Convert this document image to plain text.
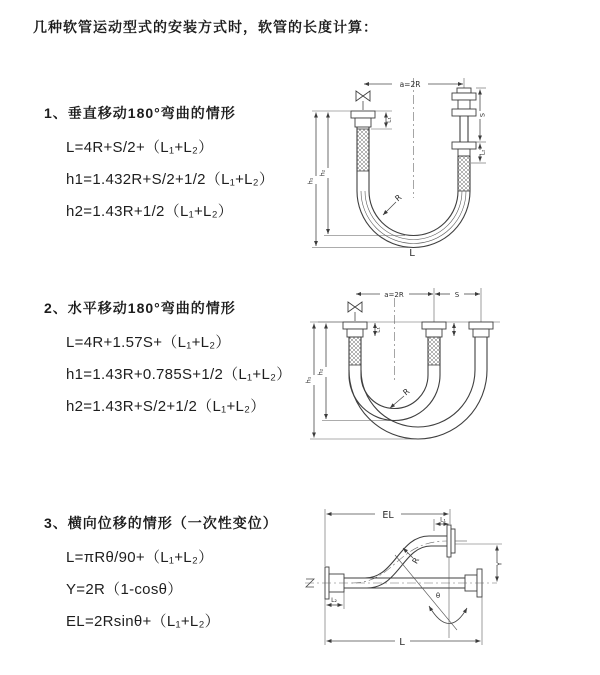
几种软管运动型式的安装方式时，软管的长度计算：
1、垂直移动180°弯曲的情形
L=4R+S/2+（L₁+L₂）
h1=1.432R+S/2+1/2（L₁+L₂）
h2=1.43R+1/2（L₁+L₂）
2、水平移动180°弯曲的情形
L=4R+1.57S+（L₁+L₂）
h1=1.43R+0.785S+1/2（L₁+L₂）
h2=1.43R+S/2+1/2（L₁+L₂）
3、横向位移的情形（一次性变位）
L=πRθ/90+（L₁+L₂）
Y=2R（1-cosθ）
EL=2Rsinθ+（L₁+L₂）
a=2R
h₁
h₂
L₁
S
L₂
R
L
a=2R	S
h₁
h₂
L₁
R
EL	L₁
θ
R	Y
L₂
L
